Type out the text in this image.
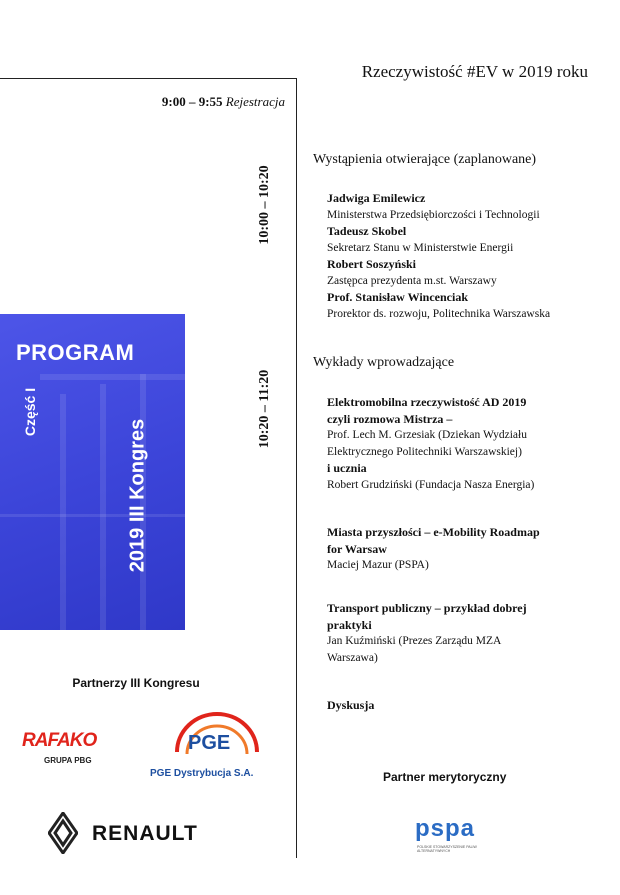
Rzeczywistość #EV w 2019 roku
9:00 – 9:55 Rejestracja
10:00 – 10:20
10:20 – 11:20
Wystąpienia otwierające (zaplanowane)
Jadwiga Emilewicz
Ministerstwa Przedsiębiorczości i Technologii
Tadeusz Skobel
Sekretarz Stanu w Ministerstwie Energii
Robert Soszyński
Zastępca prezydenta m.st. Warszawy
Prof. Stanisław Wincenciak
Prorektor ds. rozwoju, Politechnika Warszawska
Wykłady wprowadzające
Elektromobilna rzeczywistość AD 2019
czyli rozmowa Mistrza –
Prof. Lech M. Grzesiak (Dziekan Wydziału
Elektrycznego Politechniki Warszawskiej)
i ucznia
Robert Grudziński (Fundacja Nasza Energia)
Miasta przyszłości – e-Mobility Roadmap
for Warsaw
Maciej Mazur (PSPA)
Transport publiczny – przykład dobrej
praktyki
Jan Kuźmiński (Prezes Zarządu MZA
Warszawa)
Dyskusja
PROGRAM
Część I
2019 III Kongres
Partnerzy III Kongresu
RAFAKO
GRUPA PBG
PGE
PGE Dystrybucja S.A.
RENAULT
Partner merytoryczny
pspa
POLSKIE STOWARZYSZENIE PALIW ALTERNATYWNYCH
